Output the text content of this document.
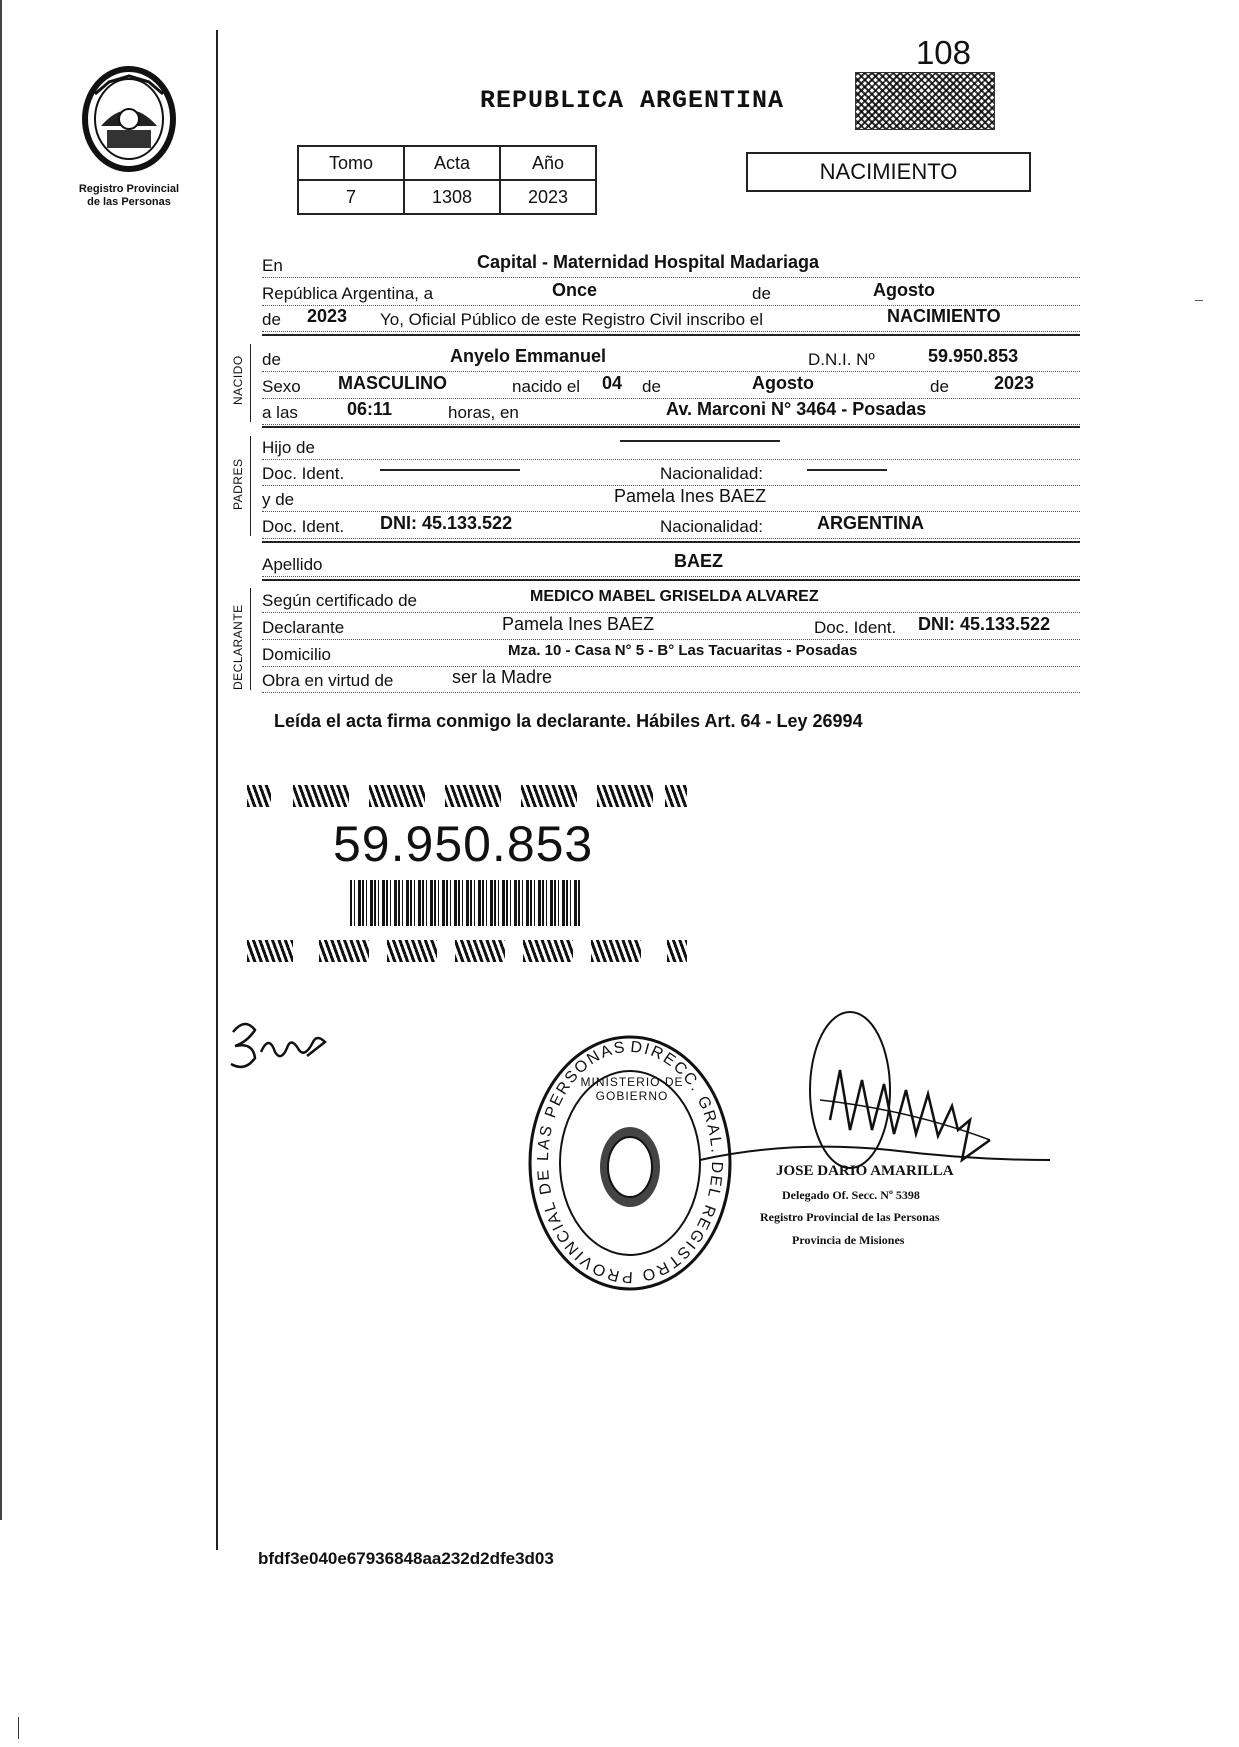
Registro Provincial
de las Personas
108
REPUBLICA ARGENTINA
Tomo	Acta	Año
7	1308	2023
NACIMIENTO
En	Capital - Maternidad Hospital Madariaga
República Argentina, a	Once	de	Agosto
de 2023 Yo, Oficial Público de este Registro Civil inscribo el	NACIMIENTO
NACIDO de	Anyelo Emmanuel	D.N.I. Nº	59.950.853
Sexo MASCULINO	nacido el 04 de	Agosto	de	2023
a las	06:11	horas, en	Av. Marconi N° 3464 - Posadas
PADRES
Hijo de
Doc. Ident.	Nacionalidad:
y de	Pamela Ines BAEZ
Doc. Ident. DNI: 45.133.522	Nacionalidad:	ARGENTINA
Apellido	BAEZ
DECLARANTE
Según certificado de	MEDICO MABEL GRISELDA ALVAREZ
Declarante	Pamela Ines BAEZ	Doc. Ident. DNI: 45.133.522
Domicilio	Mza. 10 - Casa N° 5 - B° Las Tacuaritas - Posadas
Obra en virtud de	ser la Madre
Leída el acta firma conmigo la declarante. Hábiles Art. 64 - Ley 26994
59.950.853
DIRECC. GRAL. DEL REGISTRO PROVINCIAL DE LAS PERSONAS
MINISTERIO DE GOBIERNO
JOSE DARIO AMARILLA
Delegado Of. Secc. Nº 5398
Registro Provincial de las Personas
Provincia de Misiones
bfdf3e040e67936848aa232d2dfe3d03
